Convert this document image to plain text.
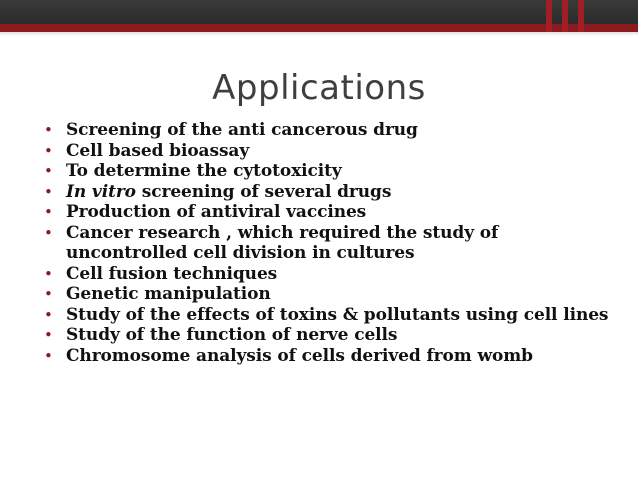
Applications
• Screening of the anti cancerous drug
• Cell based bioassay
• To determine the cytotoxicity
• In vitro screening of several drugs
• Production of antiviral vaccines
• Cancer research , which required the study of uncontrolled cell division in cultures
• Cell fusion techniques
• Genetic manipulation
• Study of the effects of toxins & pollutants using cell lines
• Study of the function of nerve cells
• Chromosome analysis of cells derived from womb
